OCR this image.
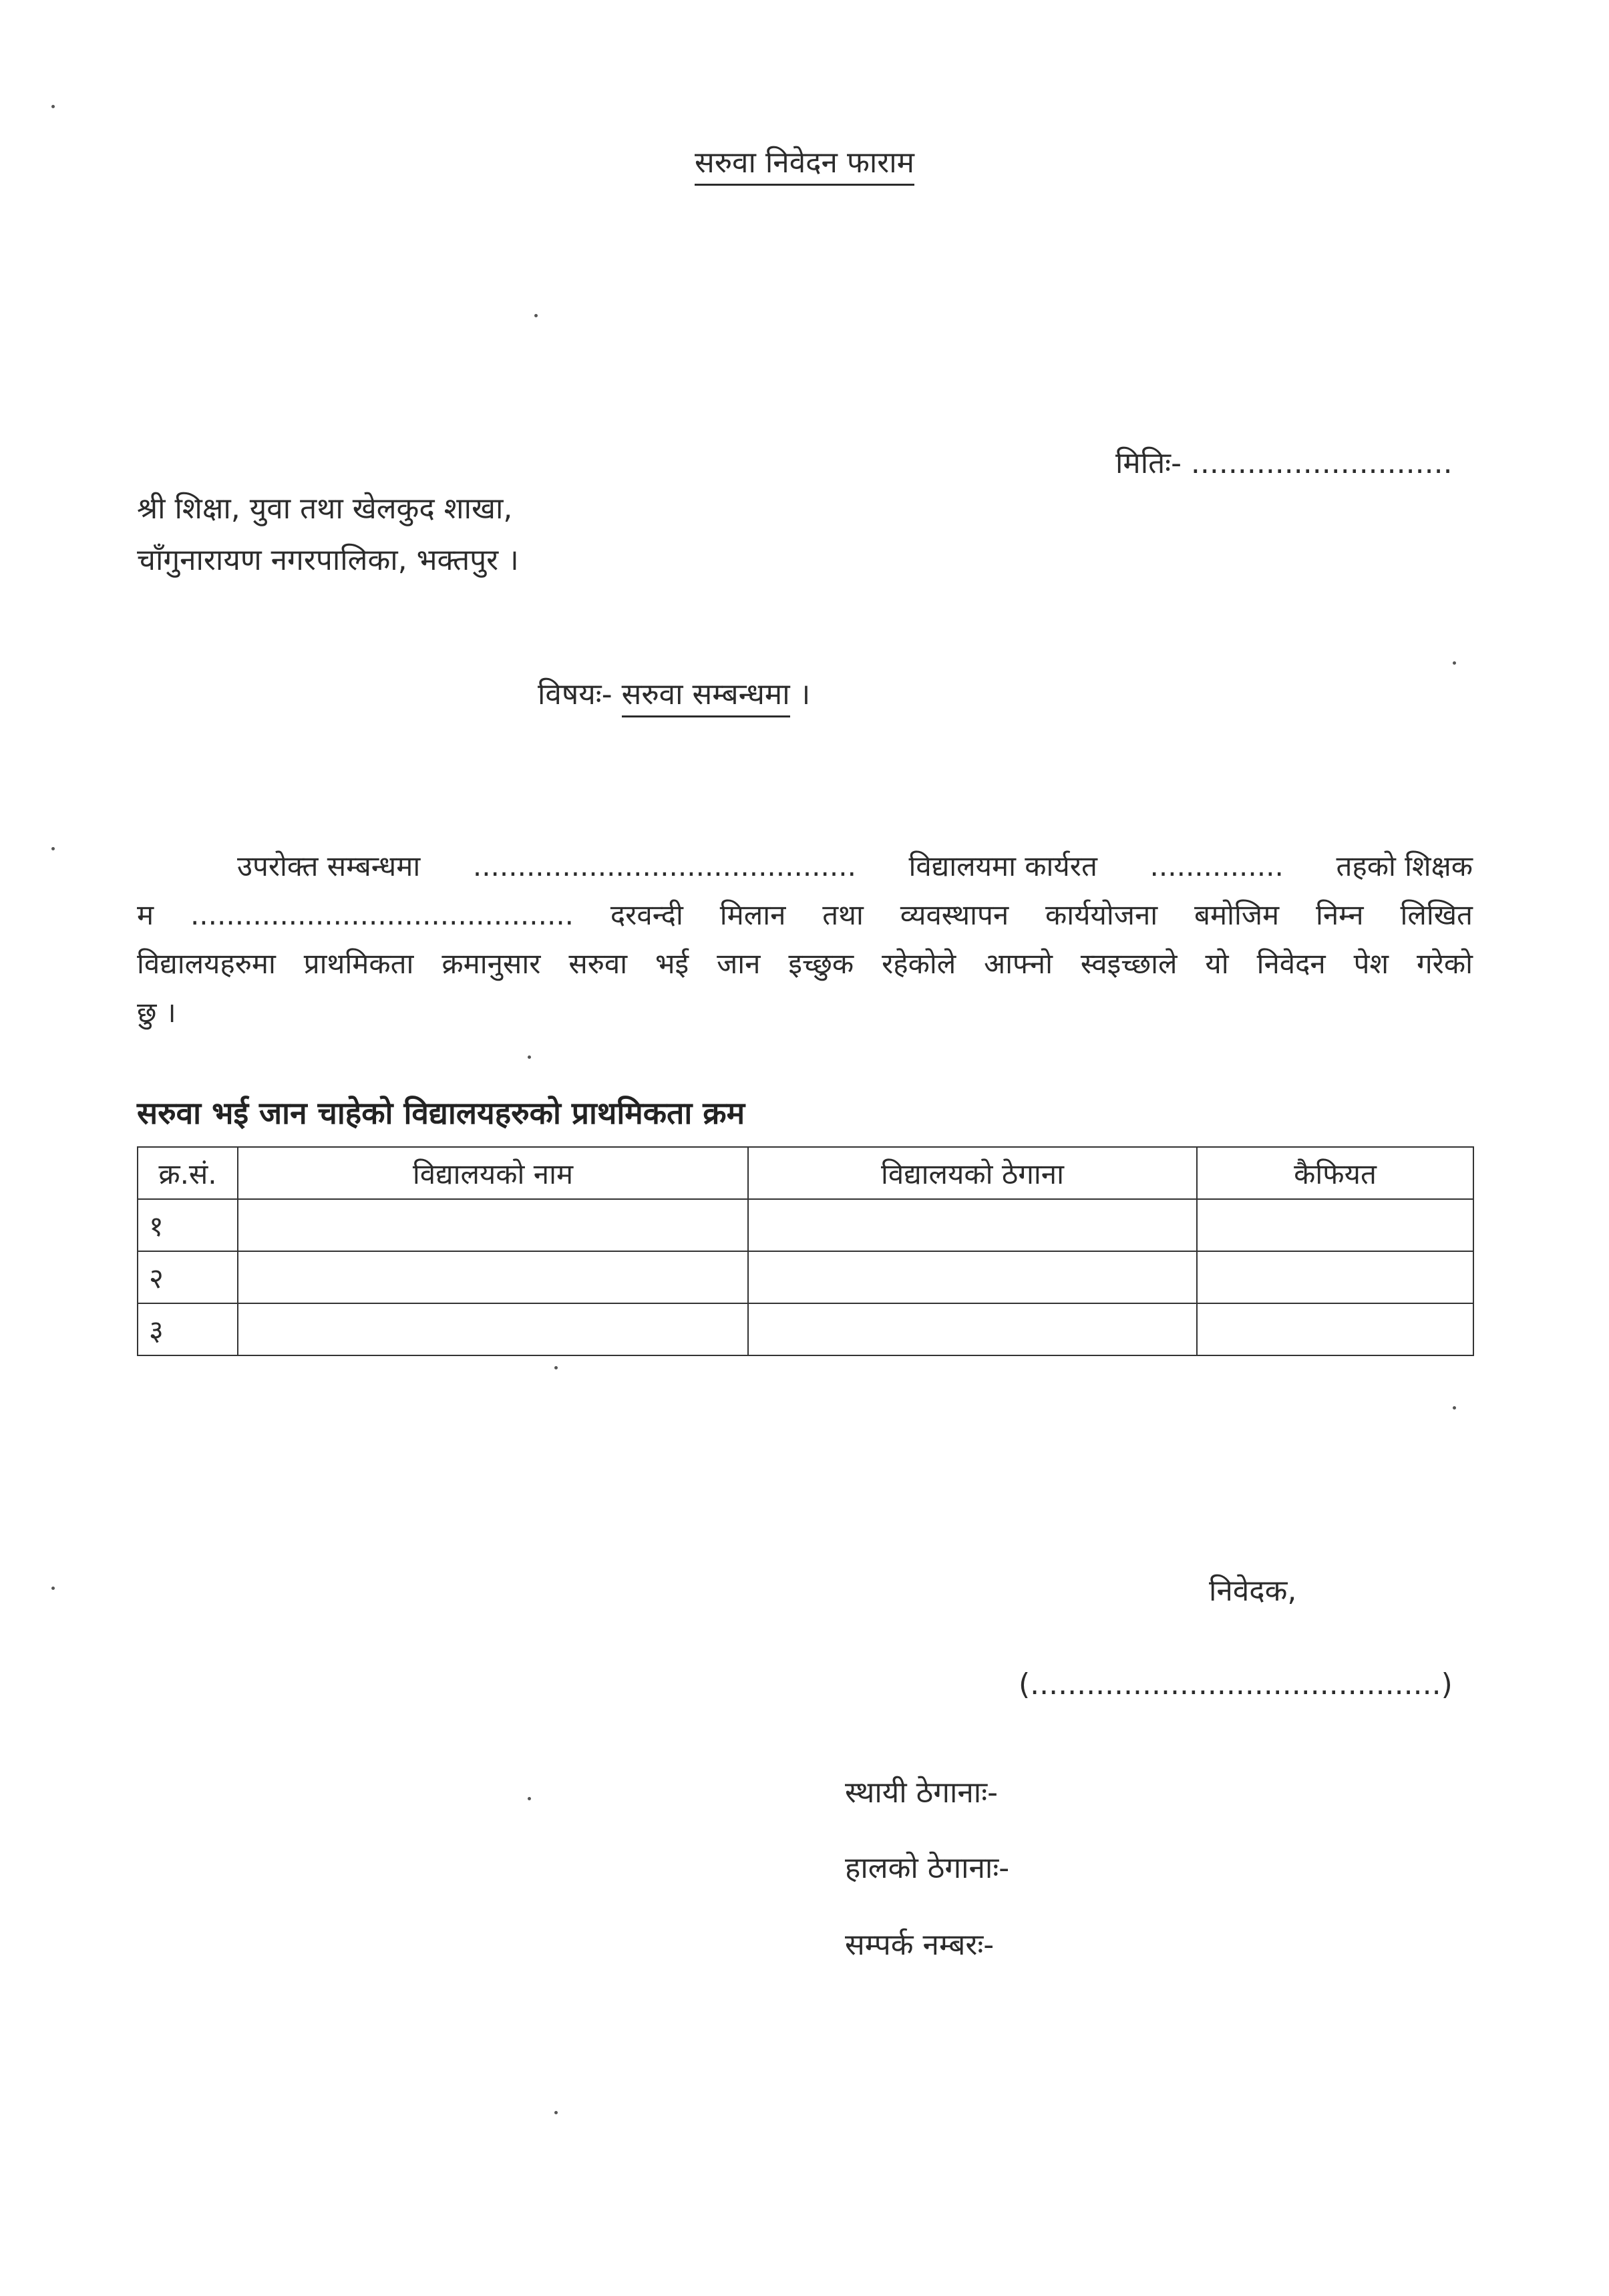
सरुवा निवेदन फाराम
मितिः- ............................
श्री शिक्षा, युवा तथा खेलकुद शाखा,
चाँगुनारायण नगरपालिका, भक्तपुर ।
विषयः- सरुवा सम्बन्धमा ।
उपरोक्त सम्बन्धमा ........................................... विद्यालयमा कार्यरत ............... तहको शिक्षक
म ........................................... दरवन्दी मिलान तथा व्यवस्थापन कार्ययोजना बमोजिम निम्न लिखित
विद्यालयहरुमा प्राथमिकता क्रमानुसार सरुवा भई जान इच्छुक रहेकोले आफ्नो स्वइच्छाले यो निवेदन पेश गरेको
छु ।
सरुवा भई जान चाहेको विद्यालयहरुको प्राथमिकता क्रम
क्र.सं.	विद्यालयको नाम	विद्यालयको ठेगाना	कैफियत
१			
२			
३			
निवेदक,
(............................................)
स्थायी ठेगानाः-
हालको ठेगानाः-
सम्पर्क नम्बरः-
